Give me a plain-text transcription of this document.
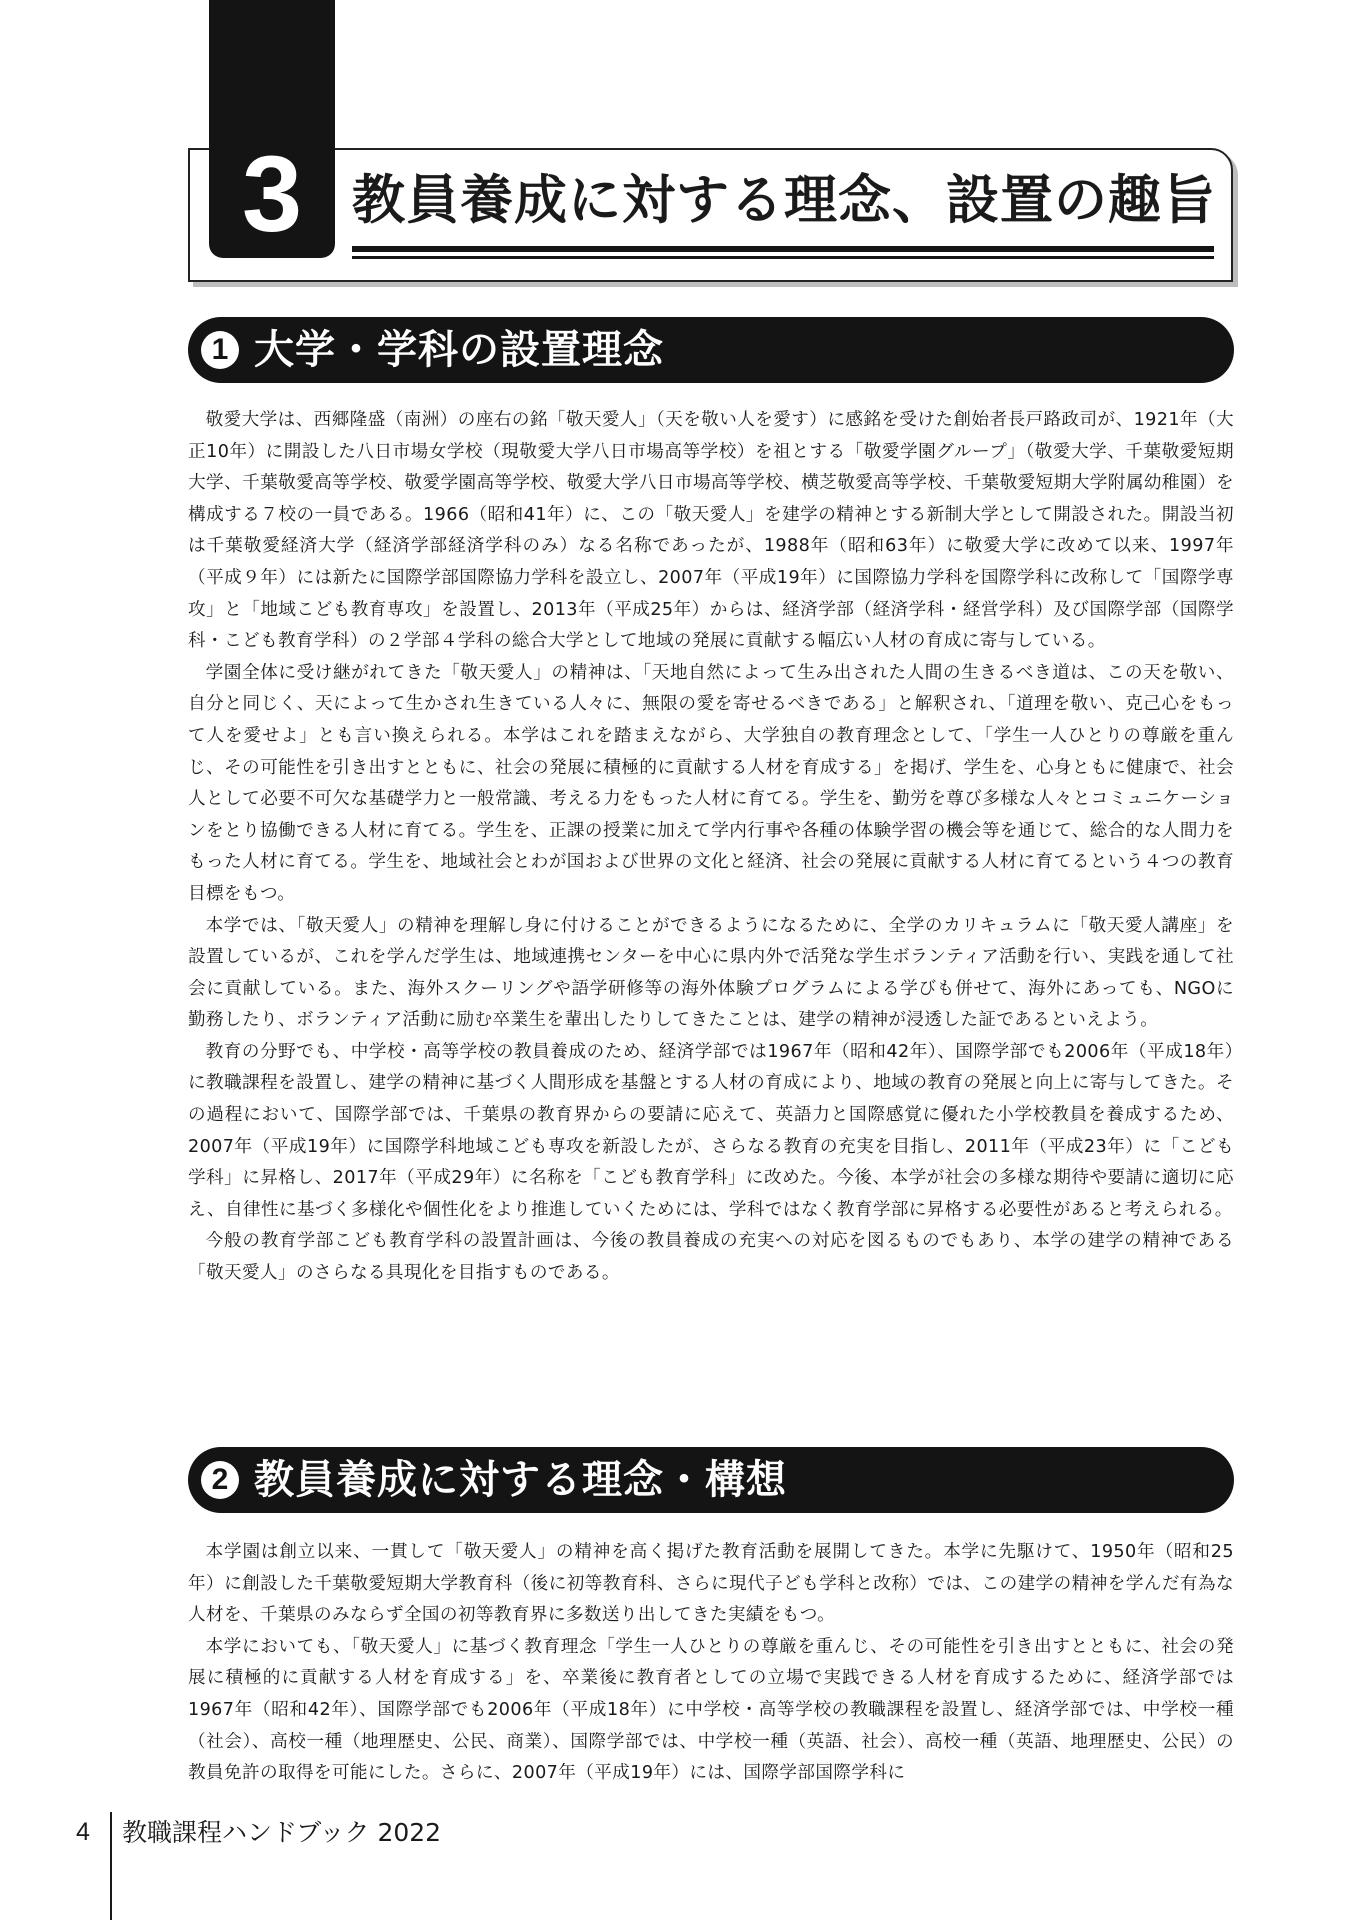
3 教員養成に対する理念、設置の趣旨
1 大学・学科の設置理念

敬愛大学は、西郷隆盛（南洲）の座右の銘「敬天愛人」（天を敬い人を愛す）に感銘を受けた創始者長戸路政司が、1921年（大正10年）に開設した八日市場女学校（現敬愛大学八日市場高等学校）を祖とする「敬愛学園グループ」（敬愛大学、千葉敬愛短期大学、千葉敬愛高等学校、敬愛学園高等学校、敬愛大学八日市場高等学校、横芝敬愛高等学校、千葉敬愛短期大学附属幼稚園）を構成する７校の一員である。1966（昭和41年）に、この「敬天愛人」を建学の精神とする新制大学として開設された。開設当初は千葉敬愛経済大学（経済学部経済学科のみ）なる名称であったが、1988年（昭和63年）に敬愛大学に改めて以来、1997年（平成９年）には新たに国際学部国際協力学科を設立し、2007年（平成19年）に国際協力学科を国際学科に改称して「国際学専攻」と「地域こども教育専攻」を設置し、2013年（平成25年）からは、経済学部（経済学科・経営学科）及び国際学部（国際学科・こども教育学科）の２学部４学科の総合大学として地域の発展に貢献する幅広い人材の育成に寄与している。

学園全体に受け継がれてきた「敬天愛人」の精神は、「天地自然によって生み出された人間の生きるべき道は、この天を敬い、自分と同じく、天によって生かされ生きている人々に、無限の愛を寄せるべきである」と解釈され、「道理を敬い、克己心をもって人を愛せよ」とも言い換えられる。本学はこれを踏まえながら、大学独自の教育理念として、「学生一人ひとりの尊厳を重んじ、その可能性を引き出すとともに、社会の発展に積極的に貢献する人材を育成する」を掲げ、学生を、心身ともに健康で、社会人として必要不可欠な基礎学力と一般常識、考える力をもった人材に育てる。学生を、勤労を尊び多様な人々とコミュニケーションをとり協働できる人材に育てる。学生を、正課の授業に加えて学内行事や各種の体験学習の機会等を通じて、総合的な人間力をもった人材に育てる。学生を、地域社会とわが国および世界の文化と経済、社会の発展に貢献する人材に育てるという４つの教育目標をもつ。

本学では、「敬天愛人」の精神を理解し身に付けることができるようになるために、全学のカリキュラムに「敬天愛人講座」を設置しているが、これを学んだ学生は、地域連携センターを中心に県内外で活発な学生ボランティア活動を行い、実践を通して社会に貢献している。また、海外スクーリングや語学研修等の海外体験プログラムによる学びも併せて、海外にあっても、NGOに勤務したり、ボランティア活動に励む卒業生を輩出したりしてきたことは、建学の精神が浸透した証であるといえよう。

教育の分野でも、中学校・高等学校の教員養成のため、経済学部では1967年（昭和42年）、国際学部でも2006年（平成18年）に教職課程を設置し、建学の精神に基づく人間形成を基盤とする人材の育成により、地域の教育の発展と向上に寄与してきた。その過程において、国際学部では、千葉県の教育界からの要請に応えて、英語力と国際感覚に優れた小学校教員を養成するため、2007年（平成19年）に国際学科地域こども専攻を新設したが、さらなる教育の充実を目指し、2011年（平成23年）に「こども学科」に昇格し、2017年（平成29年）に名称を「こども教育学科」に改めた。今後、本学が社会の多様な期待や要請に適切に応え、自律性に基づく多様化や個性化をより推進していくためには、学科ではなく教育学部に昇格する必要性があると考えられる。

今般の教育学部こども教育学科の設置計画は、今後の教員養成の充実への対応を図るものでもあり、本学の建学の精神である「敬天愛人」のさらなる具現化を目指すものである。

2 教員養成に対する理念・構想

本学園は創立以来、一貫して「敬天愛人」の精神を高く掲げた教育活動を展開してきた。本学に先駆けて、1950年（昭和25年）に創設した千葉敬愛短期大学教育科（後に初等教育科、さらに現代子ども学科と改称）では、この建学の精神を学んだ有為な人材を、千葉県のみならず全国の初等教育界に多数送り出してきた実績をもつ。

本学においても、「敬天愛人」に基づく教育理念「学生一人ひとりの尊厳を重んじ、その可能性を引き出すとともに、社会の発展に積極的に貢献する人材を育成する」を、卒業後に教育者としての立場で実践できる人材を育成するために、経済学部では1967年（昭和42年）、国際学部でも2006年（平成18年）に中学校・高等学校の教職課程を設置し、経済学部では、中学校一種（社会）、高校一種（地理歴史、公民、商業）、国際学部では、中学校一種（英語、社会）、高校一種（英語、地理歴史、公民）の教員免許の取得を可能にした。さらに、2007年（平成19年）には、国際学部国際学科に

4 教職課程ハンドブック 2022
